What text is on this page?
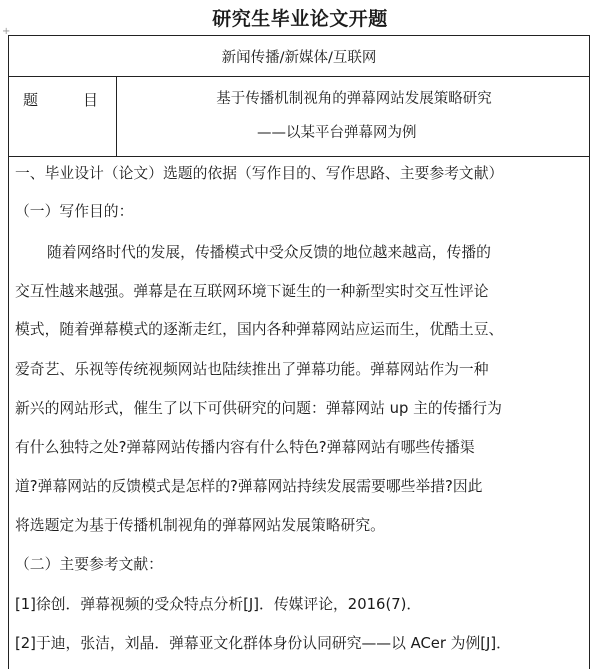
研究生毕业论文开题
+
新闻传播/新媒体/互联网
题	目	基于传播机制视角的弹幕网站发展策略研究
——以某平台弹幕网为例
一、毕业设计（论文）选题的依据（写作目的、写作思路、主要参考文献）
（一）写作目的：
随着网络时代的发展，传播模式中受众反馈的地位越来越高，传播的
交互性越来越强。弹幕是在互联网环境下诞生的一种新型实时交互性评论
模式，随着弹幕模式的逐渐走红，国内各种弹幕网站应运而生，优酷土豆、
爱奇艺、乐视等传统视频网站也陆续推出了弹幕功能。弹幕网站作为一种
新兴的网站形式，催生了以下可供研究的问题：弹幕网站 up 主的传播行为
有什么独特之处?弹幕网站传播内容有什么特色?弹幕网站有哪些传播渠
道?弹幕网站的反馈模式是怎样的?弹幕网站持续发展需要哪些举措?因此
将选题定为基于传播机制视角的弹幕网站发展策略研究。
（二）主要参考文献：
[1]徐创．弹幕视频的受众特点分析[J]．传媒评论，2016(7)．
[2]于迪，张洁，刘晶．弹幕亚文化群体身份认同研究——以 ACer 为例[J]．
